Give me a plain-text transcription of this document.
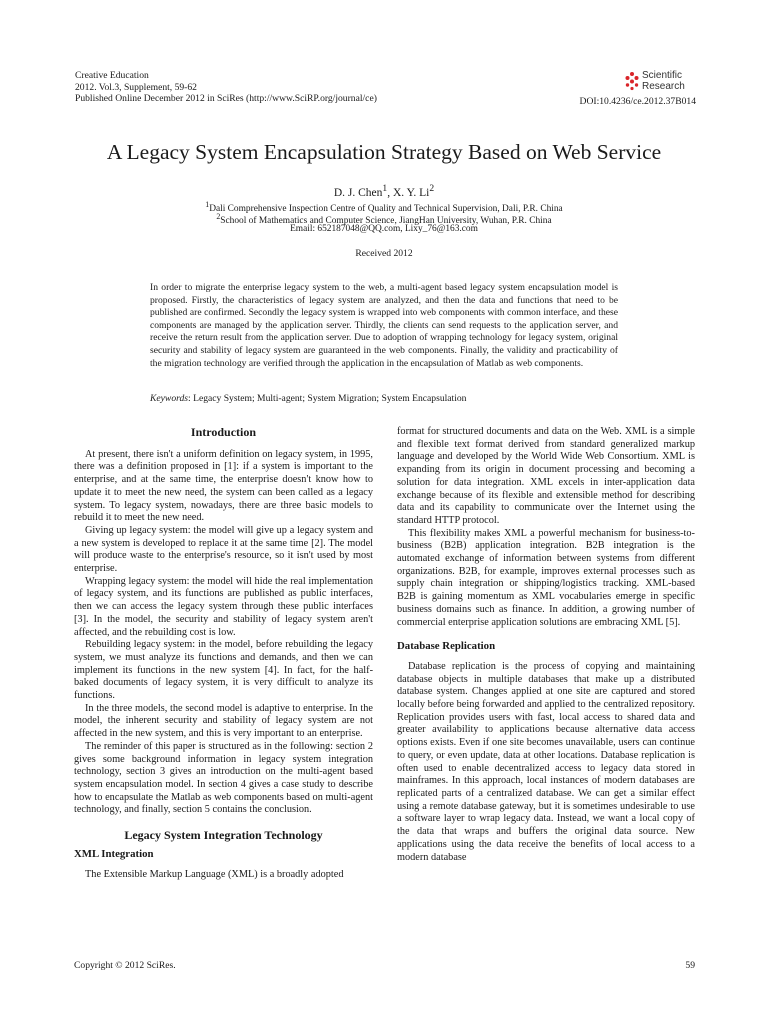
Creative Education
2012. Vol.3, Supplement, 59-62
Published Online December 2012 in SciRes (http://www.SciRP.org/journal/ce)
Scientific
Research
DOI:10.4236/ce.2012.37B014
A Legacy System Encapsulation Strategy Based on Web Service
D. J. Chen$^1$, X. Y. Li$^2$
$^1$Dali Comprehensive Inspection Centre of Quality and Technical Supervision, Dali, P.R. China
$^2$School of Mathematics and Computer Science, JiangHan University, Wuhan, P.R. China
Email: 652187048@QQ.com, Lixy_76@163.com
Received 2012
In order to migrate the enterprise legacy system to the web, a multi-agent based legacy system encapsulation model is proposed. Firstly, the characteristics of legacy system are analyzed, and then the data and functions that need to be published are confirmed. Secondly the legacy system is wrapped into web components with common interface, and these components are managed by the application server. Thirdly, the clients can send requests to the application server, and receive the return result from the application server. Due to adoption of wrapping technology for legacy system, original security and stability of legacy system are guaranteed in the web components. Finally, the validity and practicability of the migration technology are verified through the application in the encapsulation of Matlab as web components.
Keywords: Legacy System; Multi-agent; System Migration; System Encapsulation
Introduction

At present, there isn't a uniform definition on legacy system, in 1995, there was a definition proposed in [1]: if a system is important to the enterprise, and at the same time, the enterprise doesn't know how to update it to meet the new need, the system can been called as a legacy system. To legacy system, nowadays, there are three basic models to rebuild it to meet the new need.

Giving up legacy system: the model will give up a legacy system and a new system is developed to replace it at the same time [2]. The model will produce waste to the enterprise's resource, so it isn't used by most enterprise.

Wrapping legacy system: the model will hide the real implementation of legacy system, and its functions are published as public interfaces, then we can access the legacy system through these public interfaces [3]. In the model, the security and stability of legacy system aren't affected, and the rebuilding cost is low.

Rebuilding legacy system: in the model, before rebuilding the legacy system, we must analyze its functions and demands, and then we can implement its functions in the new system [4]. In fact, for the half-baked documents of legacy system, it is very difficult to analyze its functions.

In the three models, the second model is adaptive to enterprise. In the model, the inherent security and stability of legacy system are not affected in the new system, and this is very important to an enterprise.

The reminder of this paper is structured as in the following: section 2 gives some background information in legacy system integration technology, section 3 gives an introduction on the multi-agent based system encapsulation model. In section 4 gives a case study to describe how to encapsulate the Matlab as web components based on multi-agent technology, and finally, section 5 contains the conclusion.

Legacy System Integration Technology
XML Integration

The Extensible Markup Language (XML) is a broadly adopted

format for structured documents and data on the Web. XML is a simple and flexible text format derived from standard generalized markup language and developed by the World Wide Web Consortium. XML is expanding from its origin in document processing and becoming a solution for data integration. XML excels in inter-application data exchange because of its flexible and extensible method for describing data and its capability to communicate over the Internet using the standard HTTP protocol.

This flexibility makes XML a powerful mechanism for business-to-business (B2B) application integration. B2B integration is the automated exchange of information between systems from different organizations. B2B, for example, improves external processes such as supply chain integration or shipping/logistics tracking. XML-based B2B is gaining momentum as XML vocabularies emerge in specific business domains such as finance. In addition, a growing number of commercial enterprise application solutions are embracing XML [5].

Database Replication

Database replication is the process of copying and maintaining database objects in multiple databases that make up a distributed database system. Changes applied at one site are captured and stored locally before being forwarded and applied to the centralized repository. Replication provides users with fast, local access to shared data and greater availability to applications because alternative data access options exists. Even if one site becomes unavailable, users can continue to query, or even update, data at other locations. Database replication is often used to enable decentralized access to legacy data stored in mainframes. In this approach, local instances of modern databases are replicated parts of a centralized database. We can get a similar effect using a remote database gateway, but it is sometimes undesirable to use a software layer to wrap legacy data. Instead, we want a local copy of the data that wraps and buffers the original data source. New applications using the data receive the benefits of local access to a modern database

Copyright © 2012 SciRes.	59
